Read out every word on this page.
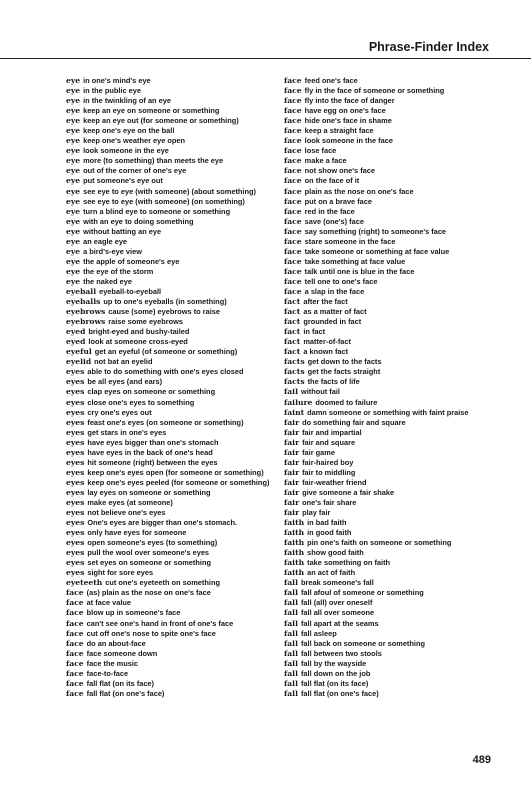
Phrase-Finder Index
eye in one's mind's eye
eye in the public eye
eye in the twinkling of an eye
eye keep an eye on someone or something
eye keep an eye out (for someone or something)
eye keep one's eye on the ball
eye keep one's weather eye open
eye look someone in the eye
eye more (to something) than meets the eye
eye out of the corner of one's eye
eye put someone's eye out
eye see eye to eye (with someone) (about something)
eye see eye to eye (with someone) (on something)
eye turn a blind eye to someone or something
eye with an eye to doing something
eye without batting an eye
eye an eagle eye
eye a bird's-eye view
eye the apple of someone's eye
eye the eye of the storm
eye the naked eye
eyeball eyeball-to-eyeball
eyeballs up to one's eyeballs (in something)
eyebrows cause (some) eyebrows to raise
eyebrows raise some eyebrows
eyed bright-eyed and bushy-tailed
eyed look at someone cross-eyed
eyeful get an eyeful (of someone or something)
eyelid not bat an eyelid
eyes able to do something with one's eyes closed
eyes be all eyes (and ears)
eyes clap eyes on someone or something
eyes close one's eyes to something
eyes cry one's eyes out
eyes feast one's eyes (on someone or something)
eyes get stars in one's eyes
eyes have eyes bigger than one's stomach
eyes have eyes in the back of one's head
eyes hit someone (right) between the eyes
eyes keep one's eyes open (for someone or something)
eyes keep one's eyes peeled (for someone or something)
eyes lay eyes on someone or something
eyes make eyes (at someone)
eyes not believe one's eyes
eyes One's eyes are bigger than one's stomach.
eyes only have eyes for someone
eyes open someone's eyes (to something)
eyes pull the wool over someone's eyes
eyes set eyes on someone or something
eyes sight for sore eyes
eyeteeth cut one's eyeteeth on something
face (as) plain as the nose on one's face
face at face value
face blow up in someone's face
face can't see one's hand in front of one's face
face cut off one's nose to spite one's face
face do an about-face
face face someone down
face face the music
face face-to-face
face fall flat (on its face)
face fall flat (on one's face)
face feed one's face
face fly in the face of someone or something
face fly into the face of danger
face have egg on one's face
face hide one's face in shame
face keep a straight face
face look someone in the face
face lose face
face make a face
face not show one's face
face on the face of it
face plain as the nose on one's face
face put on a brave face
face red in the face
face save (one's) face
face say something (right) to someone's face
face stare someone in the face
face take someone or something at face value
face take something at face value
face talk until one is blue in the face
face tell one to one's face
face a slap in the face
fact after the fact
fact as a matter of fact
fact grounded in fact
fact in fact
fact matter-of-fact
fact a known fact
facts get down to the facts
facts get the facts straight
facts the facts of life
fail without fail
failure doomed to failure
faint damn someone or something with faint praise
fair do something fair and square
fair fair and impartial
fair fair and square
fair fair game
fair fair-haired boy
fair fair to middling
fair fair-weather friend
fair give someone a fair shake
fair one's fair share
fair play fair
faith in bad faith
faith in good faith
faith pin one's faith on someone or something
faith show good faith
faith take something on faith
faith an act of faith
fall break someone's fall
fall fall afoul of someone or something
fall fall (all) over oneself
fall fall all over someone
fall fall apart at the seams
fall fall asleep
fall fall back on someone or something
fall fall between two stools
fall fall by the wayside
fall fall down on the job
fall fall flat (on its face)
fall fall flat (on one's face)
489
